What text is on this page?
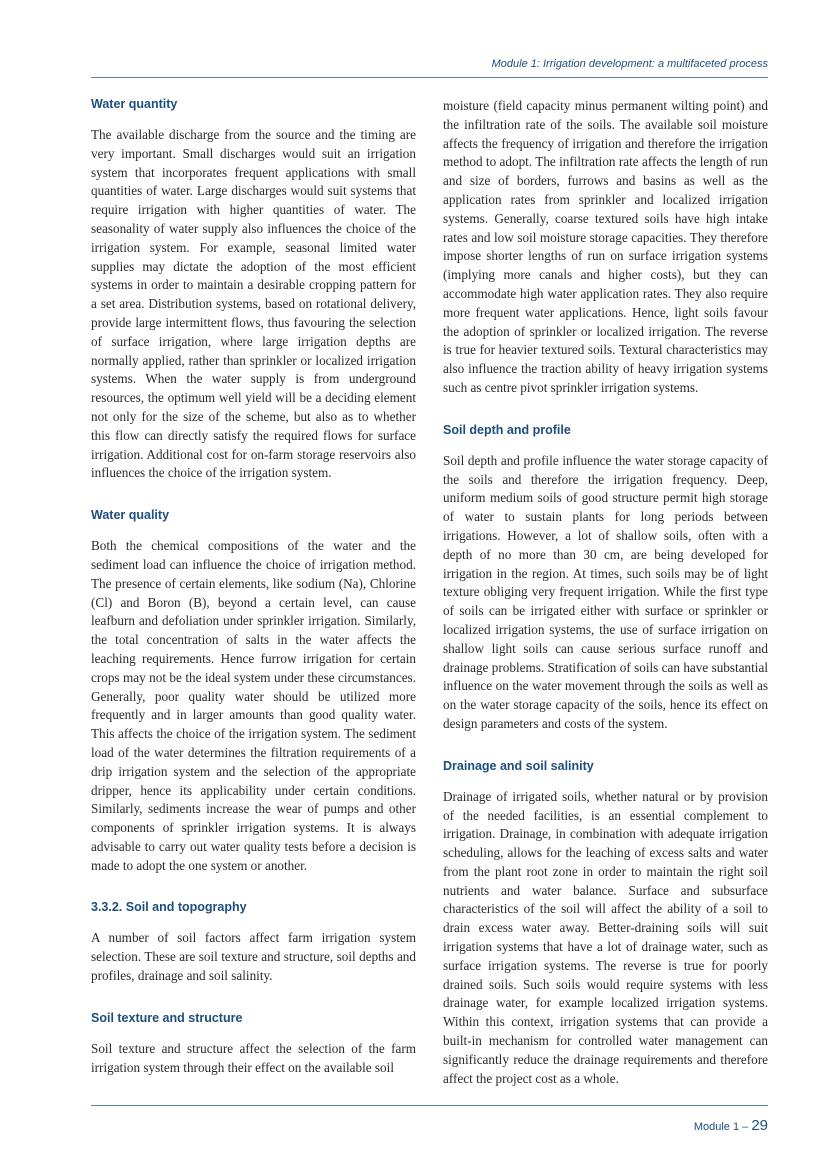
Module 1: Irrigation development: a multifaceted process
Water quantity

The available discharge from the source and the timing are very important. Small discharges would suit an irrigation system that incorporates frequent applications with small quantities of water. Large discharges would suit systems that require irrigation with higher quantities of water. The seasonality of water supply also influences the choice of the irrigation system. For example, seasonal limited water supplies may dictate the adoption of the most efficient systems in order to maintain a desirable cropping pattern for a set area. Distribution systems, based on rotational delivery, provide large intermittent flows, thus favouring the selection of surface irrigation, where large irrigation depths are normally applied, rather than sprinkler or localized irrigation systems. When the water supply is from underground resources, the optimum well yield will be a deciding element not only for the size of the scheme, but also as to whether this flow can directly satisfy the required flows for surface irrigation. Additional cost for on-farm storage reservoirs also influences the choice of the irrigation system.

Water quality

Both the chemical compositions of the water and the sediment load can influence the choice of irrigation method. The presence of certain elements, like sodium (Na), Chlorine (Cl) and Boron (B), beyond a certain level, can cause leafburn and defoliation under sprinkler irrigation. Similarly, the total concentration of salts in the water affects the leaching requirements. Hence furrow irrigation for certain crops may not be the ideal system under these circumstances. Generally, poor quality water should be utilized more frequently and in larger amounts than good quality water. This affects the choice of the irrigation system. The sediment load of the water determines the filtration requirements of a drip irrigation system and the selection of the appropriate dripper, hence its applicability under certain conditions. Similarly, sediments increase the wear of pumps and other components of sprinkler irrigation systems. It is always advisable to carry out water quality tests before a decision is made to adopt the one system or another.

3.3.2. Soil and topography

A number of soil factors affect farm irrigation system selection. These are soil texture and structure, soil depths and profiles, drainage and soil salinity.

Soil texture and structure

Soil texture and structure affect the selection of the farm irrigation system through their effect on the available soil

moisture (field capacity minus permanent wilting point) and the infiltration rate of the soils. The available soil moisture affects the frequency of irrigation and therefore the irrigation method to adopt. The infiltration rate affects the length of run and size of borders, furrows and basins as well as the application rates from sprinkler and localized irrigation systems. Generally, coarse textured soils have high intake rates and low soil moisture storage capacities. They therefore impose shorter lengths of run on surface irrigation systems (implying more canals and higher costs), but they can accommodate high water application rates. They also require more frequent water applications. Hence, light soils favour the adoption of sprinkler or localized irrigation. The reverse is true for heavier textured soils. Textural characteristics may also influence the traction ability of heavy irrigation systems such as centre pivot sprinkler irrigation systems.

Soil depth and profile

Soil depth and profile influence the water storage capacity of the soils and therefore the irrigation frequency. Deep, uniform medium soils of good structure permit high storage of water to sustain plants for long periods between irrigations. However, a lot of shallow soils, often with a depth of no more than 30 cm, are being developed for irrigation in the region. At times, such soils may be of light texture obliging very frequent irrigation. While the first type of soils can be irrigated either with surface or sprinkler or localized irrigation systems, the use of surface irrigation on shallow light soils can cause serious surface runoff and drainage problems. Stratification of soils can have substantial influence on the water movement through the soils as well as on the water storage capacity of the soils, hence its effect on design parameters and costs of the system.

Drainage and soil salinity

Drainage of irrigated soils, whether natural or by provision of the needed facilities, is an essential complement to irrigation. Drainage, in combination with adequate irrigation scheduling, allows for the leaching of excess salts and water from the plant root zone in order to maintain the right soil nutrients and water balance. Surface and subsurface characteristics of the soil will affect the ability of a soil to drain excess water away. Better-draining soils will suit irrigation systems that have a lot of drainage water, such as surface irrigation systems. The reverse is true for poorly drained soils. Such soils would require systems with less drainage water, for example localized irrigation systems. Within this context, irrigation systems that can provide a built-in mechanism for controlled water management can significantly reduce the drainage requirements and therefore affect the project cost as a whole.

Module 1 – 29
